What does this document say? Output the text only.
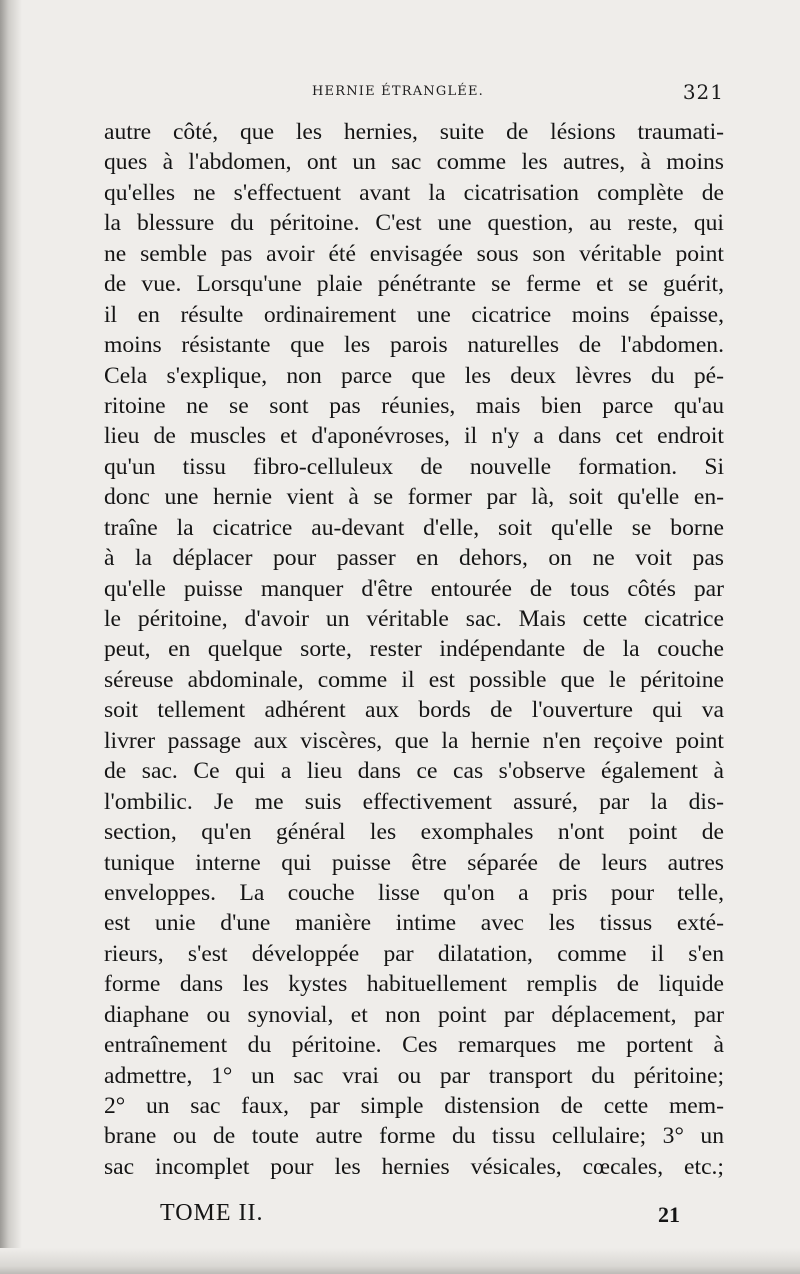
HERNIE ÉTRANGLÉE.	321
autre côté, que les hernies, suite de lésions traumati-
ques à l'abdomen, ont un sac comme les autres, à moins
qu'elles ne s'effectuent avant la cicatrisation complète de
la blessure du péritoine. C'est une question, au reste, qui
ne semble pas avoir été envisagée sous son véritable point
de vue. Lorsqu'une plaie pénétrante se ferme et se guérit,
il en résulte ordinairement une cicatrice moins épaisse,
moins résistante que les parois naturelles de l'abdomen.
Cela s'explique, non parce que les deux lèvres du pé-
ritoine ne se sont pas réunies, mais bien parce qu'au
lieu de muscles et d'aponévroses, il n'y a dans cet endroit
qu'un tissu fibro-celluleux de nouvelle formation. Si
donc une hernie vient à se former par là, soit qu'elle en-
traîne la cicatrice au-devant d'elle, soit qu'elle se borne
à la déplacer pour passer en dehors, on ne voit pas
qu'elle puisse manquer d'être entourée de tous côtés par
le péritoine, d'avoir un véritable sac. Mais cette cicatrice
peut, en quelque sorte, rester indépendante de la couche
séreuse abdominale, comme il est possible que le péritoine
soit tellement adhérent aux bords de l'ouverture qui va
livrer passage aux viscères, que la hernie n'en reçoive point
de sac. Ce qui a lieu dans ce cas s'observe également à
l'ombilic. Je me suis effectivement assuré, par la dis-
section, qu'en général les exomphales n'ont point de
tunique interne qui puisse être séparée de leurs autres
enveloppes. La couche lisse qu'on a pris pour telle,
est unie d'une manière intime avec les tissus exté-
rieurs, s'est développée par dilatation, comme il s'en
forme dans les kystes habituellement remplis de liquide
diaphane ou synovial, et non point par déplacement, par
entraînement du péritoine. Ces remarques me portent à
admettre, 1° un sac vrai ou par transport du péritoine;
2° un sac faux, par simple distension de cette mem-
brane ou de toute autre forme du tissu cellulaire; 3° un
sac incomplet pour les hernies vésicales, cœcales, etc.;
TOME II.	21
